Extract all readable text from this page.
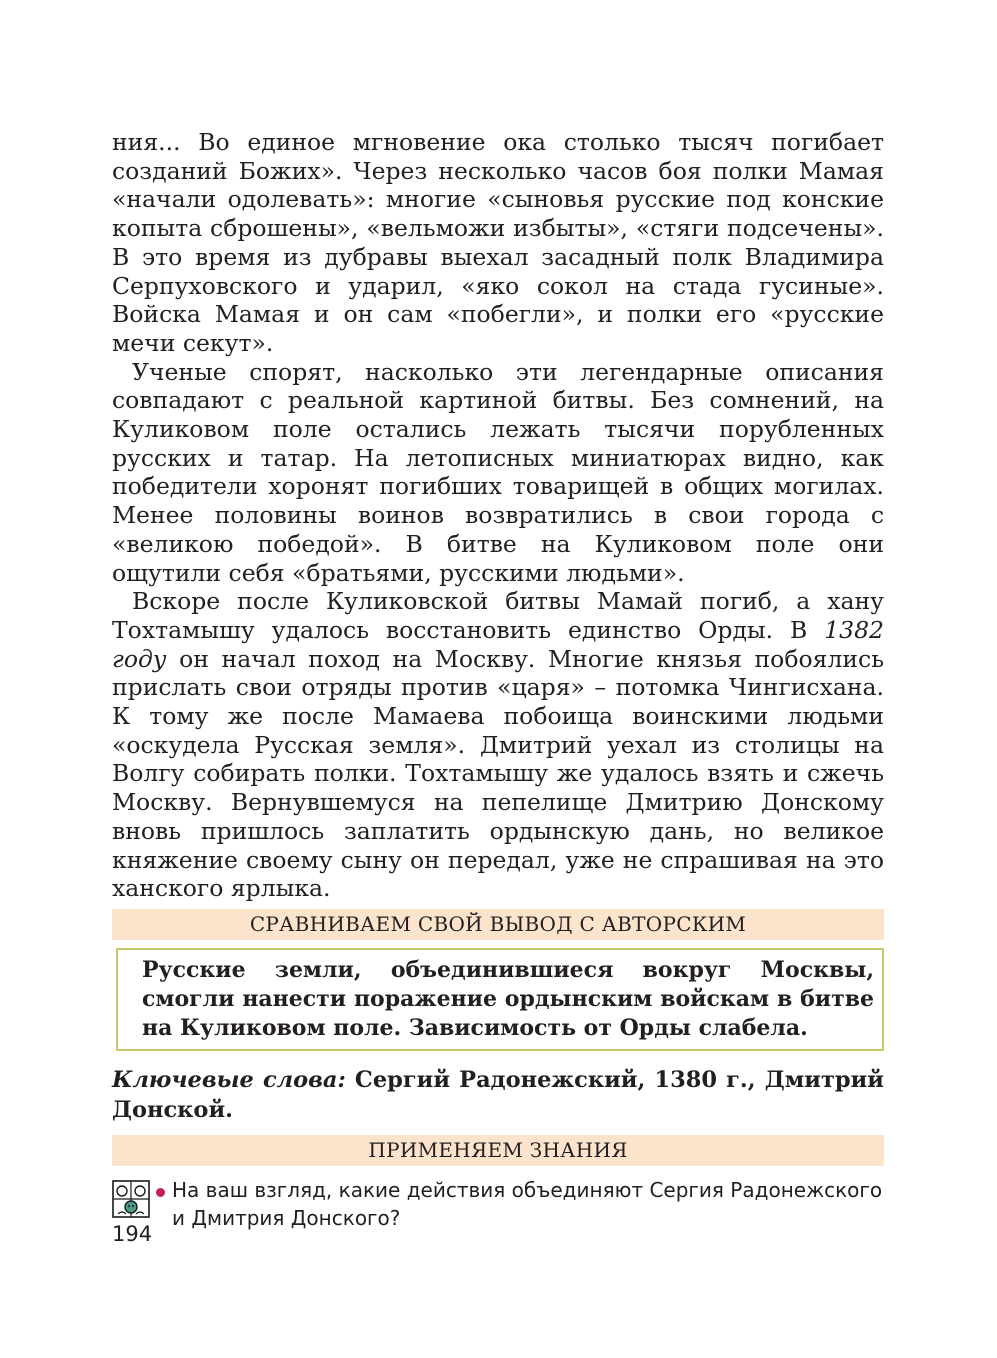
ния... Во единое мгновение ока столько тысяч погибает созданий Божих». Через несколько часов боя полки Мамая «начали одолевать»: многие «сыновья русские под конские копыта сброшены», «вельможи избыты», «стяги подсечены». В это время из дубравы выехал засадный полк Владимира Серпуховского и ударил, «яко сокол на стада гусиные». Войска Мамая и он сам «побегли», и полки его «русские мечи секут».

Ученые спорят, насколько эти легендарные описания совпадают с реальной картиной битвы. Без сомнений, на Куликовом поле остались лежать тысячи порубленных русских и татар. На летописных миниатюрах видно, как победители хоронят погибших товарищей в общих могилах. Менее половины воинов возвратились в свои города с «великою победой». В битве на Куликовом поле они ощутили себя «братьями, русскими людьми».

Вскоре после Куликовской битвы Мамай погиб, а хану Тохтамышу удалось восстановить единство Орды. В 1382 году он начал поход на Москву. Многие князья побоялись прислать свои отряды против «царя» – потомка Чингисхана. К тому же после Мамаева побоища воинскими людьми «оскудела Русская земля». Дмитрий уехал из столицы на Волгу собирать полки. Тохтамышу же удалось взять и сжечь Москву. Вернувшемуся на пепелище Дмитрию Донскому вновь пришлось заплатить ордынскую дань, но великое княжение своему сыну он передал, уже не спрашивая на это ханского ярлыка.

СРАВНИВАЕМ СВОЙ ВЫВОД С АВТОРСКИМ
Русские земли, объединившиеся вокруг Москвы, смогли нанести поражение ордынским войскам в битве на Куликовом поле. Зависимость от Орды слабела.
Ключевые слова: Сергий Радонежский, 1380 г., Дмитрий Донской.
ПРИМЕНЯЕМ ЗНАНИЯ
На ваш взгляд, какие действия объединяют Сергия Радонежского и Дмитрия Донского?
194
